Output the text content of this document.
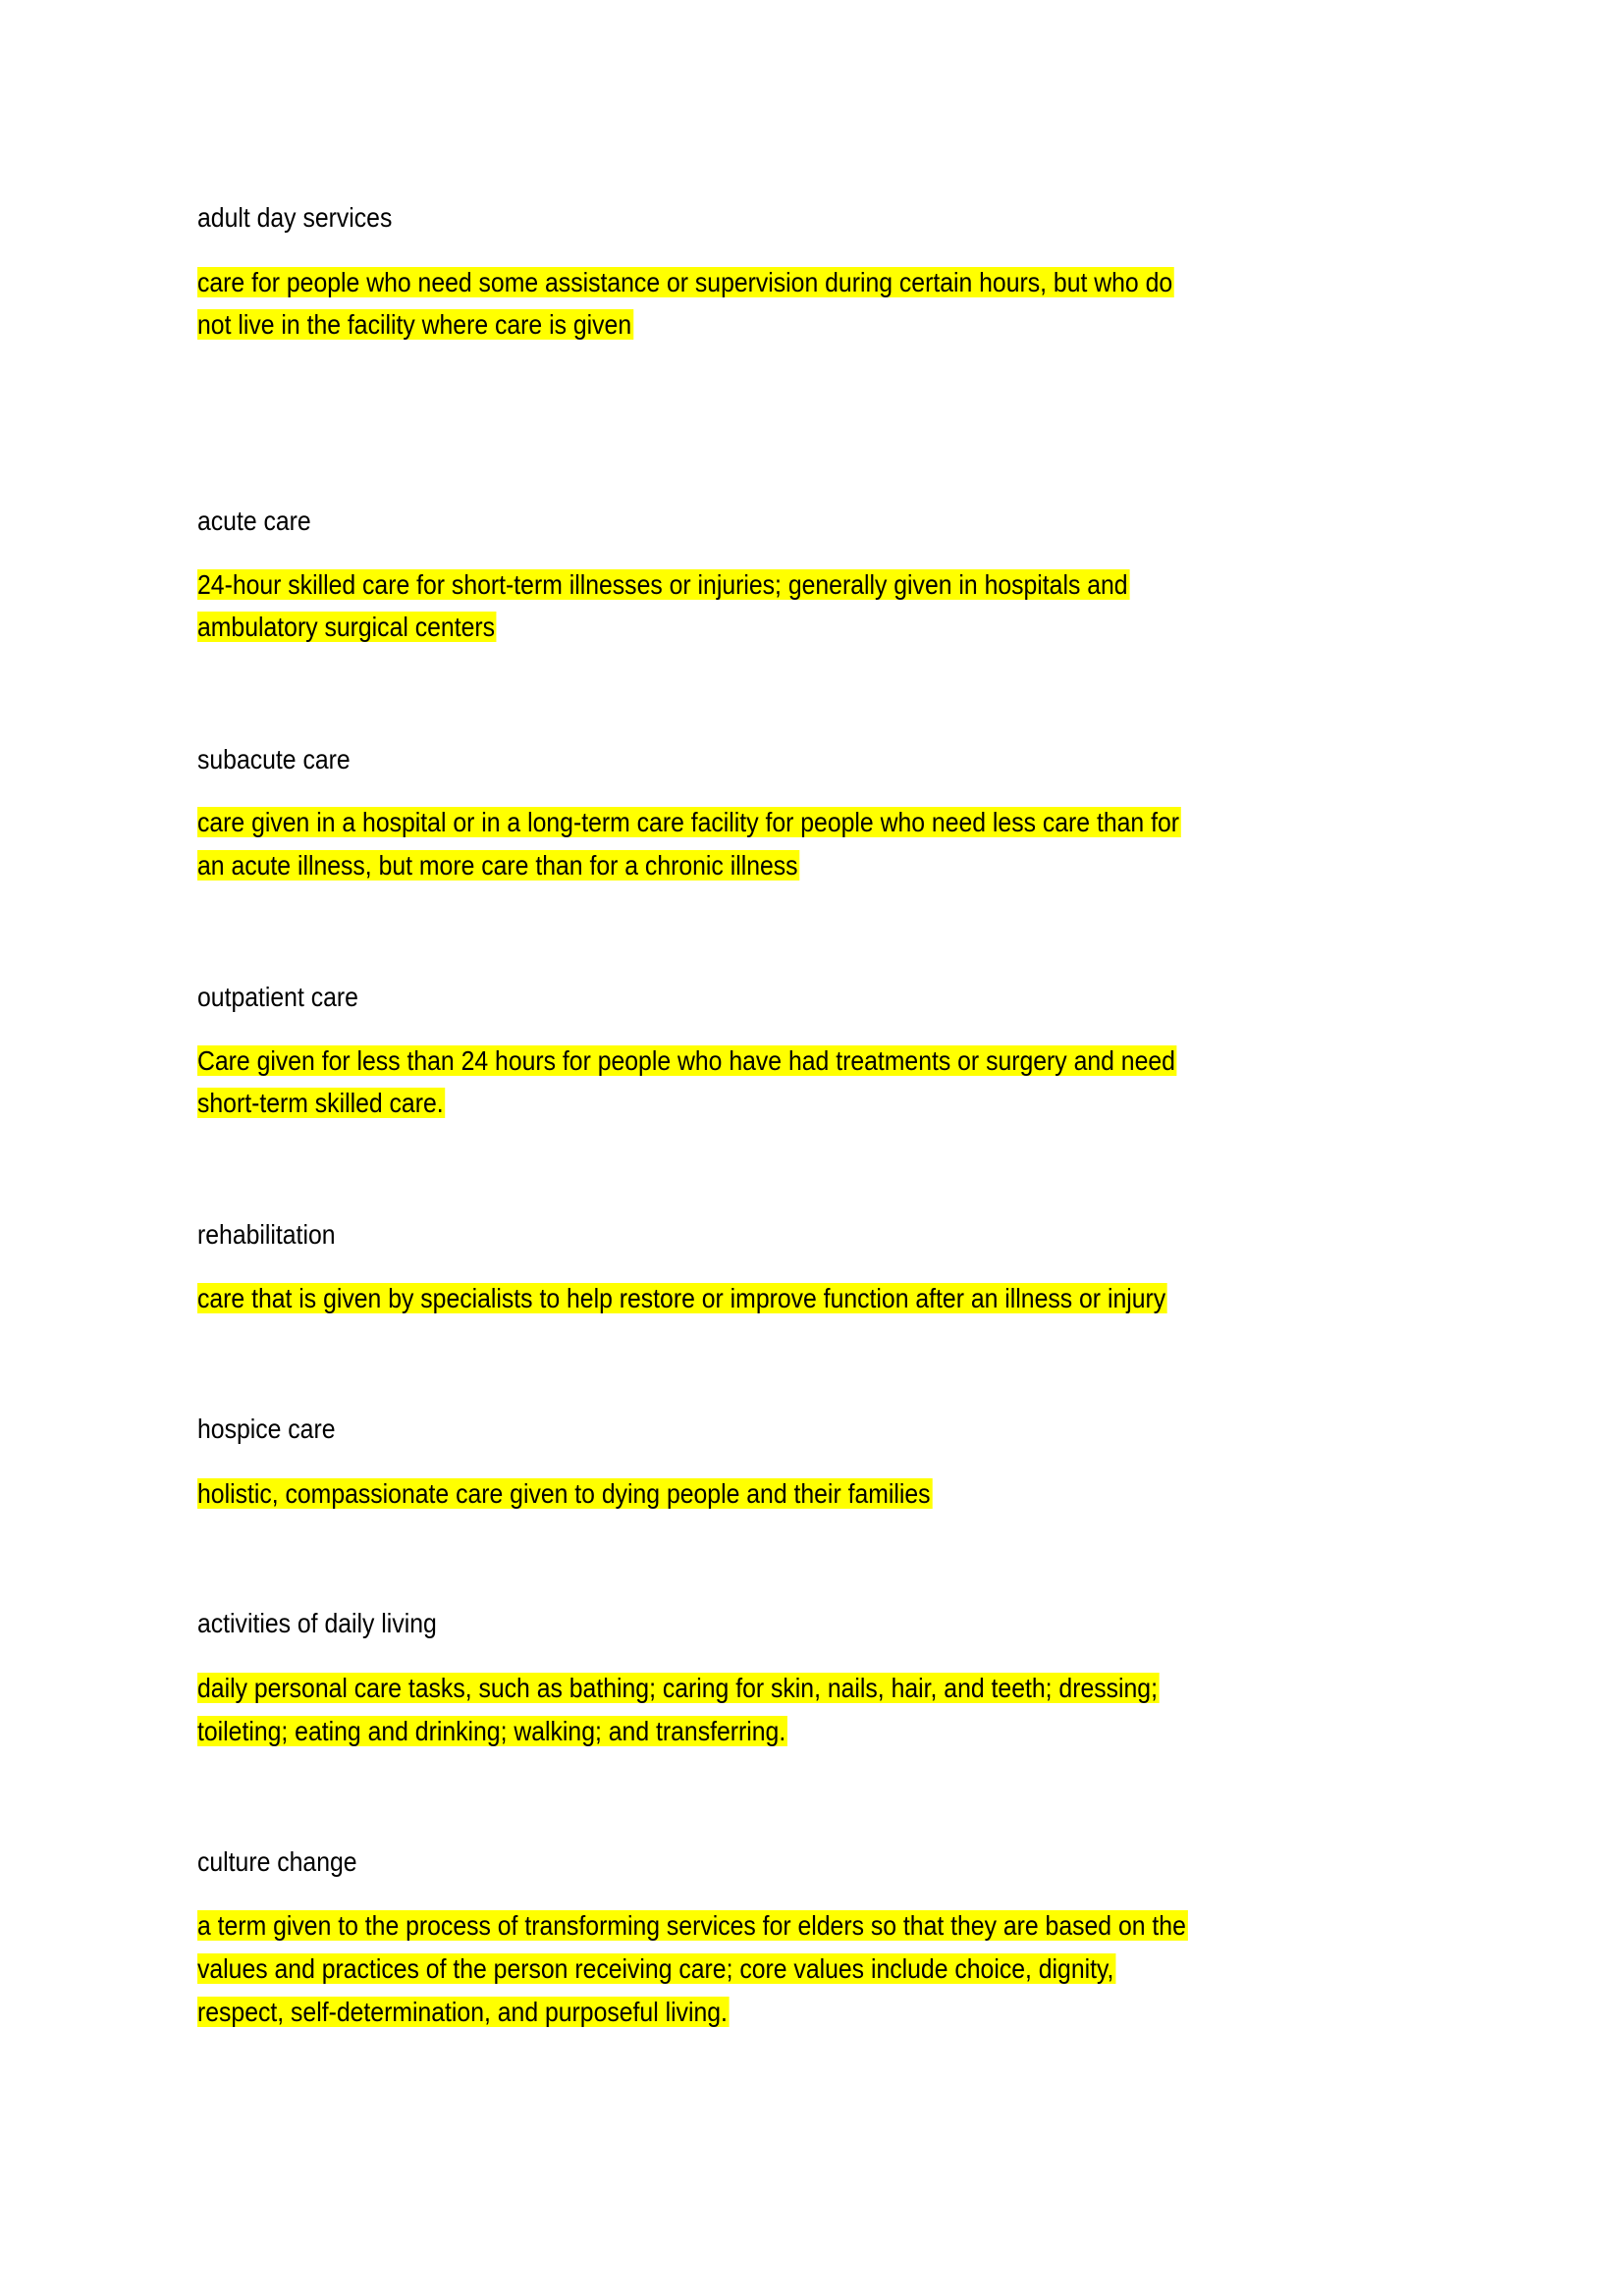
adult day services
care for people who need some assistance or supervision during certain hours, but who do
not live in the facility where care is given
acute care
24-hour skilled care for short-term illnesses or injuries; generally given in hospitals and
ambulatory surgical centers
subacute care
care given in a hospital or in a long-term care facility for people who need less care than for
an acute illness, but more care than for a chronic illness
outpatient care
Care given for less than 24 hours for people who have had treatments or surgery and need
short-term skilled care.
rehabilitation
care that is given by specialists to help restore or improve function after an illness or injury
hospice care
holistic, compassionate care given to dying people and their families
activities of daily living
daily personal care tasks, such as bathing; caring for skin, nails, hair, and teeth; dressing;
toileting; eating and drinking; walking; and transferring.
culture change
a term given to the process of transforming services for elders so that they are based on the
values and practices of the person receiving care; core values include choice, dignity,
respect, self-determination, and purposeful living.
